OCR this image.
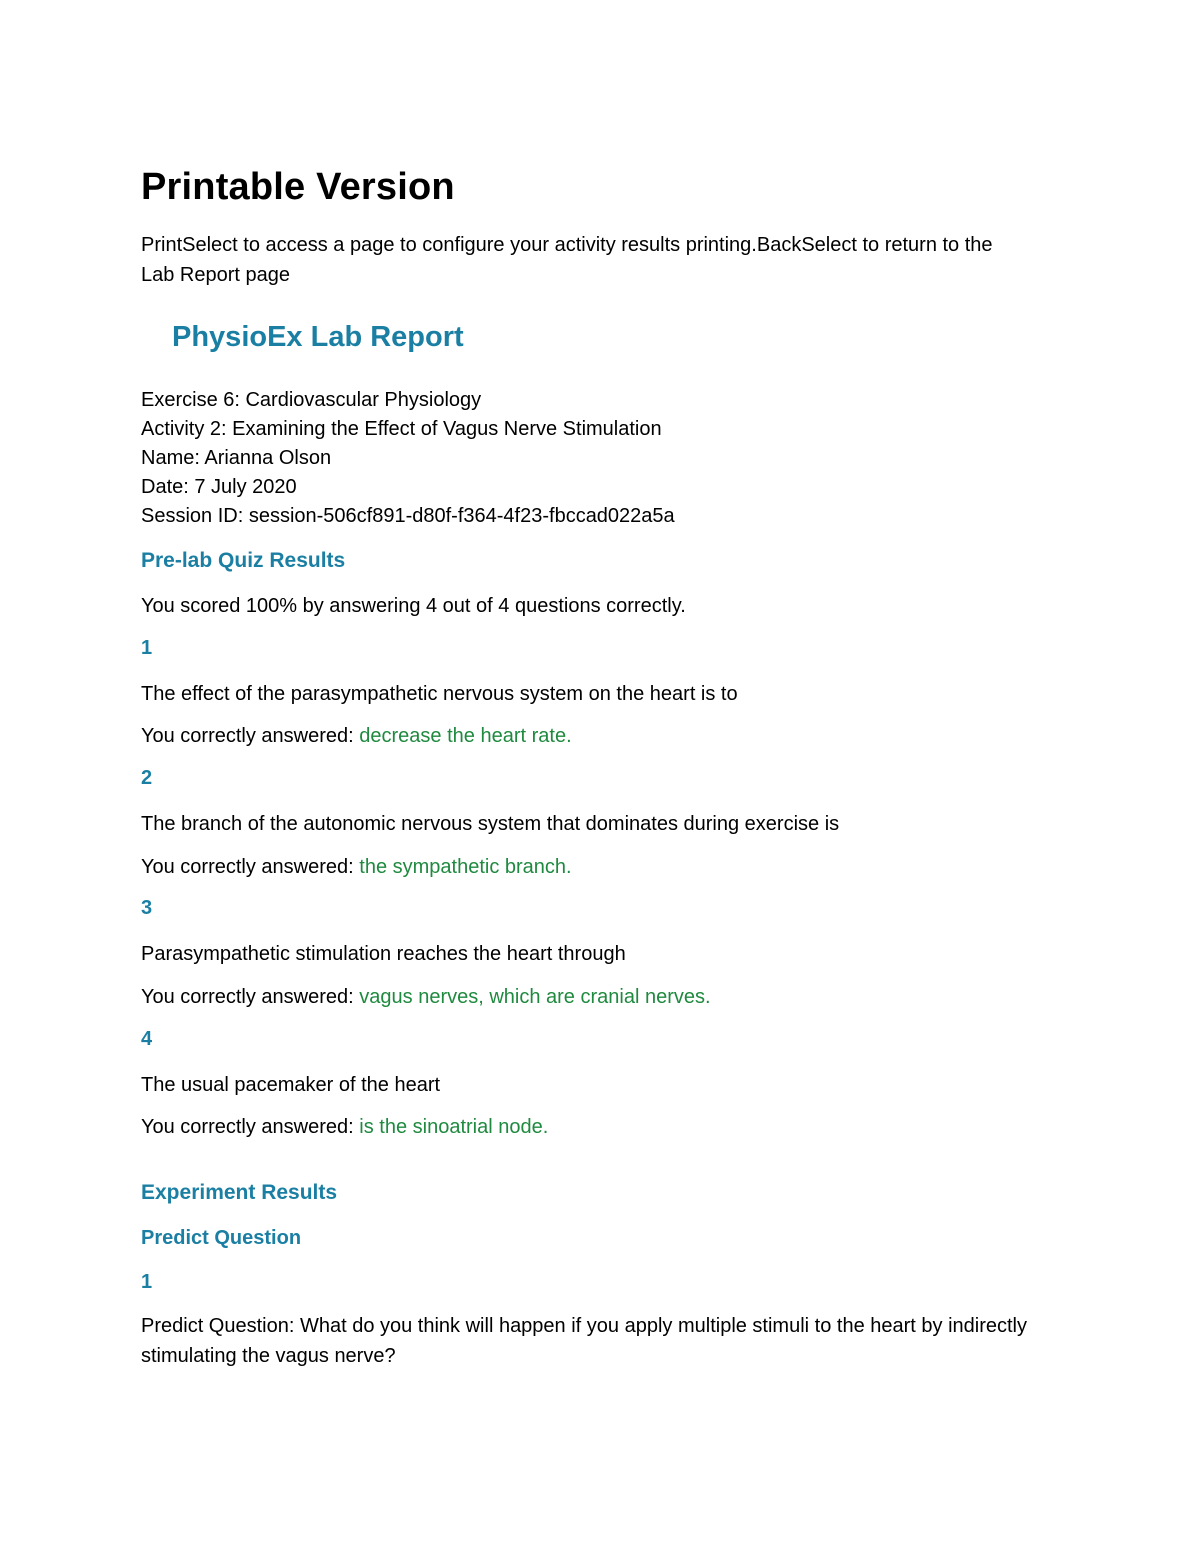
Printable Version
PrintSelect to access a page to configure your activity results printing.BackSelect to return to the Lab Report page
PhysioEx Lab Report
Exercise 6: Cardiovascular Physiology
Activity 2: Examining the Effect of Vagus Nerve Stimulation
Name: Arianna Olson
Date: 7 July 2020
Session ID: session-506cf891-d80f-f364-4f23-fbccad022a5a
Pre-lab Quiz Results
You scored 100% by answering 4 out of 4 questions correctly.
1
The effect of the parasympathetic nervous system on the heart is to
You correctly answered: decrease the heart rate.
2
The branch of the autonomic nervous system that dominates during exercise is
You correctly answered: the sympathetic branch.
3
Parasympathetic stimulation reaches the heart through
You correctly answered: vagus nerves, which are cranial nerves.
4
The usual pacemaker of the heart
You correctly answered: is the sinoatrial node.
Experiment Results
Predict Question
1
Predict Question: What do you think will happen if you apply multiple stimuli to the heart by indirectly stimulating the vagus nerve?
